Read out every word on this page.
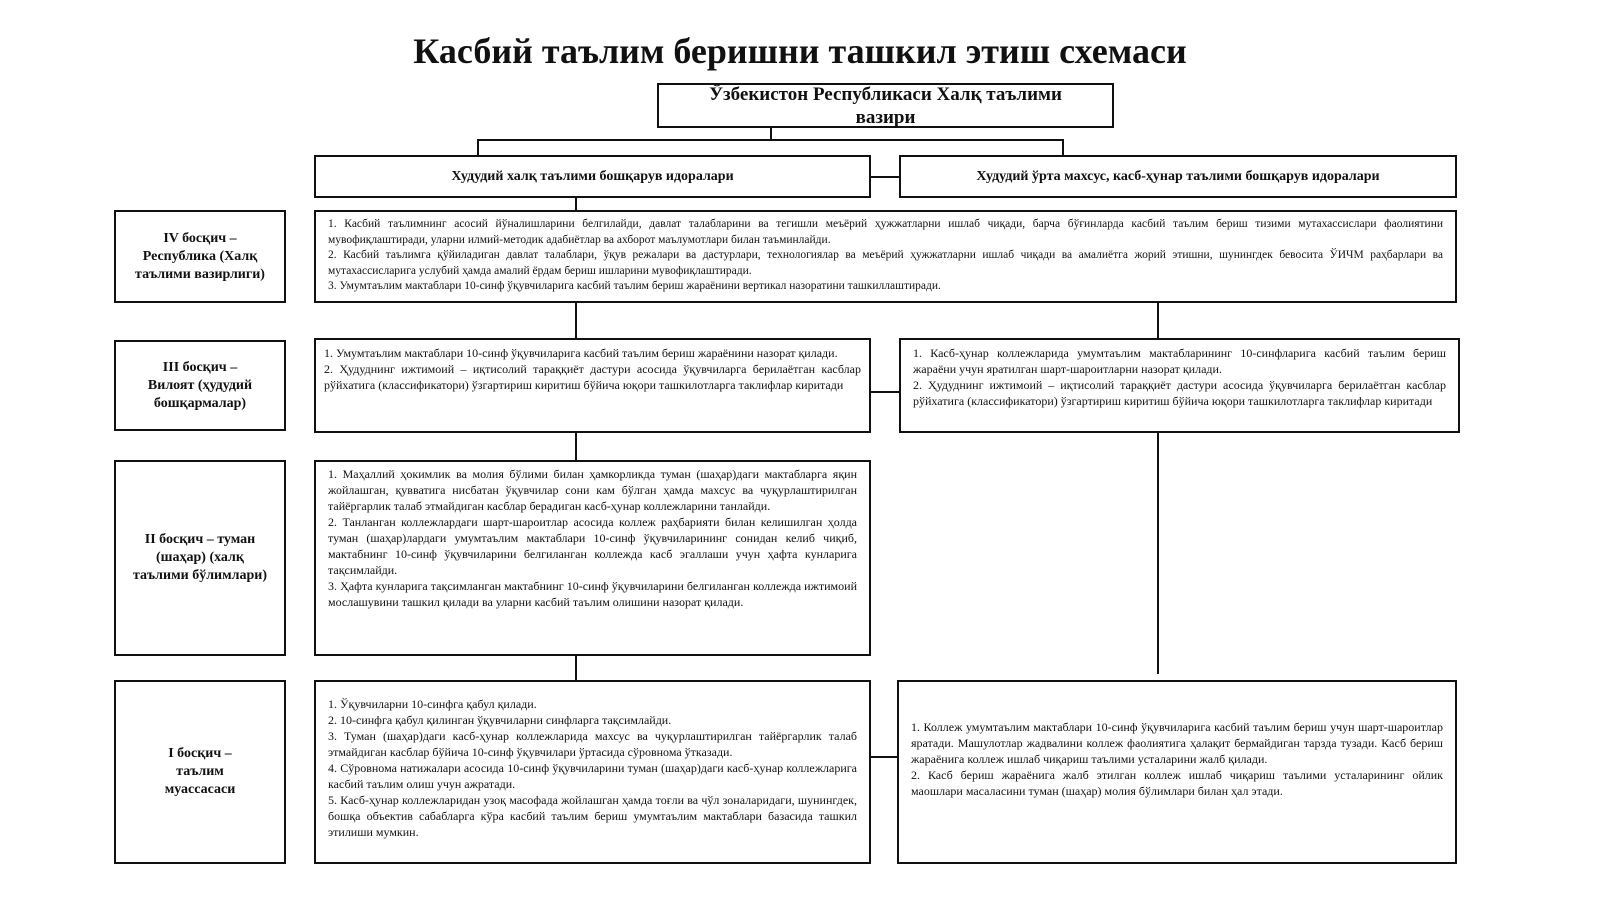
Касбий таълим беришни ташкил этиш схемаси
Ўзбекистон Республикаси Халқ таълими вазири
Худудий халқ таълими бошқарув идоралари	Худудий ўрта махсус, касб-ҳунар таълими бошқарув идоралари
IV босқич – Республика (Халқ таълими вазирлиги)
III босқич – Вилоят (ҳудудий бошқармалар)
II босқич – туман (шаҳар) (халқ таълими бўлимлари)
I босқич – таълим муассасаси

1. Касбий таълимнинг асосий йўналишларини белгилайди, давлат талабларини ва тегишли меъёрий ҳужжатларни ишлаб чиқади, барча бўғинларда касбий таълим бериш тизими мутахассислари фаолиятини мувофиқлаштиради, уларни илмий-методик адабиётлар ва ахборот маълумотлари билан таъминлайди.

2. Касбий таълимга қўйиладиган давлат талаблари, ўқув режалари ва дастурлари, технологиялар ва меъёрий ҳужжатларни ишлаб чиқади ва амалиётга жорий этишни, шунингдек бевосита ЎИЧМ раҳбарлари ва мутахассисларига услубий ҳамда амалий ёрдам бериш ишларини мувофиқлаштиради.

3. Умумтаълим мактаблари 10-синф ўқувчиларига касбий таълим бериш жараёнини вертикал назоратини ташкиллаштиради.

1. Умумтаълим мактаблари 10-синф ўқувчиларига касбий таълим бериш жараёнини назорат қилади.

2. Ҳудуднинг ижтимоий – иқтисолий тараққиёт дастури асосида ўқувчиларга берилаётган касблар рўйхатига (классификатори) ўзгартириш киритиш бўйича юқори ташкилотларга таклифлар киритади

1. Касб-ҳунар коллежларида умумтаълим мактабларининг 10-синфларига касбий таълим бериш жараёни учун яратилган шарт-шароитларни назорат қилади.

2. Ҳудуднинг ижтимоий – иқтисолий тараққиёт дастури асосида ўқувчиларга берилаётган касблар рўйхатига (классификатори) ўзгартириш киритиш бўйича юқори ташкилотларга таклифлар киритади

1. Маҳаллий ҳокимлик ва молия бўлими билан ҳамкорликда туман (шаҳар)даги мактабларга яқин жойлашган, қувватига нисбатан ўқувчилар сони кам бўлган ҳамда махсус ва чуқурлаштирилган тайёргарлик талаб этмайдиган касблар берадиган касб-ҳунар коллежларини танлайди.

2. Танланган коллежлардаги шарт-шароитлар асосида коллеж раҳбарияти билан келишилган ҳолда туман (шаҳар)лардаги умумтаълим мактаблари 10-синф ўқувчиларининг сонидан келиб чиқиб, мактабнинг 10-синф ўқувчиларини белгиланган коллежда касб эгаллаши учун ҳафта кунларига тақсимлайди.

3. Ҳафта кунларига тақсимланган мактабнинг 10-синф ўқувчиларини белгиланган коллежда ижтимоий мослашувини ташкил қилади ва уларни касбий таълим олишини назорат қилади.

1. Ўқувчиларни 10-синфга қабул қилади.

2. 10-синфга қабул қилинган ўқувчиларни синфларга тақсимлайди.

3. Туман (шаҳар)даги касб-ҳунар коллежларида махсус ва чуқурлаштирилган тайёргарлик талаб этмайдиган касблар бўйича 10-синф ўқувчилари ўртасида сўровнома ўтказади.

4. Сўровнома натижалари асосида 10-синф ўқувчиларини туман (шаҳар)даги касб-ҳунар коллежларига касбий таълим олиш учун ажратади.

5. Касб-ҳунар коллежларидан узоқ масофада жойлашган ҳамда тоғли ва чўл зоналаридаги, шунингдек, бошқа объектив сабабларга кўра касбий таълим бериш умумтаълим мактаблари базасида ташкил этилиши мумкин.

1. Коллеж умумтаълим мактаблари 10-синф ўқувчиларига касбий таълим бериш учун шарт-шароитлар яратади. Машулотлар жадвалини коллеж фаолиятига ҳалақит бермайдиган тарзда тузади. Касб бериш жараёнига коллеж ишлаб чиқариш таълими усталарини жалб қилади.

2. Касб бериш жараёнига жалб этилган коллеж ишлаб чиқариш таълими усталарининг ойлик маошлари масаласини туман (шаҳар) молия бўлимлари билан ҳал этади.
